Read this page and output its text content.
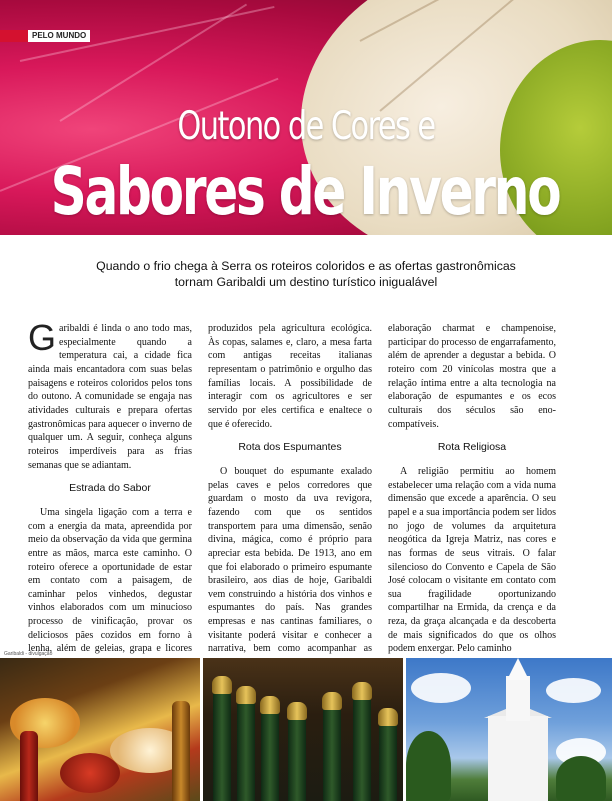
PELO MUNDO
Outono de Cores e
Sabores de Inverno
Quando o frio chega à Serra os roteiros coloridos e as ofertas gastronômicas tornam Garibaldi um destino turístico inigualável

Garibaldi é linda o ano todo mas, especialmente quando a temperatura cai, a cidade fica ainda mais encantadora com suas belas paisagens e roteiros coloridos pelos tons do outono. A comunidade se engaja nas atividades culturais e prepara ofertas gastronômicas para aquecer o inverno de qualquer um. A seguir, conheça alguns roteiros imperdíveis para as frias semanas que se adiantam.

Estrada do Sabor

Uma singela ligação com a terra e com a energia da mata, apreendida por meio da observação da vida que germina entre as mãos, marca este caminho. O roteiro oferece a oportunidade de estar em contato com a paisagem, de caminhar pelos vinhedos, degustar vinhos elaborados com um minucioso processo de vinificação, provar os deliciosos pães cozidos em forno à lenha, além de geleias, grapa e licores

produzidos pela agricultura ecológica. Às copas, salames e, claro, a mesa farta com antigas receitas italianas representam o patrimônio e orgulho das famílias locais. A possibilidade de interagir com os agricultores e ser servido por eles certifica e enaltece o que é oferecido.

Rota dos Espumantes

O bouquet do espumante exalado pelas caves e pelos corredores que guardam o mosto da uva revigora, fazendo com que os sentidos transportem para uma dimensão, senão divina, mágica, como é próprio para apreciar esta bebida. De 1913, ano em que foi elaborado o primeiro espumante brasileiro, aos dias de hoje, Garibaldi vem construindo a história dos vinhos e espumantes do país. Nas grandes empresas e nas cantinas familiares, o visitante poderá visitar e conhecer a narrativa, bem como acompanhar as

elaboração charmat e champenoise, participar do processo de engarrafamento, além de aprender a degustar a bebida. O roteiro com 20 vinícolas mostra que a relação íntima entre a alta tecnologia na elaboração de espumantes e os ecos culturais dos séculos são eno-compatíveis.

Rota Religiosa

A religião permitiu ao homem estabelecer uma relação com a vida numa dimensão que excede a aparência. O seu papel e a sua importância podem ser lidos no jogo de volumes da arquitetura neogótica da Igreja Matriz, nas cores e nas formas de seus vitrais. O falar silencioso do Convento e Capela de São José colocam o visitante em contato com sua fragilidade oportunizando compartilhar na Ermida, da crença e da reza, da graça alcançada e da descoberta de mais significados do que os olhos podem enxergar. Pelo caminho

Garibaldi - divulgação
